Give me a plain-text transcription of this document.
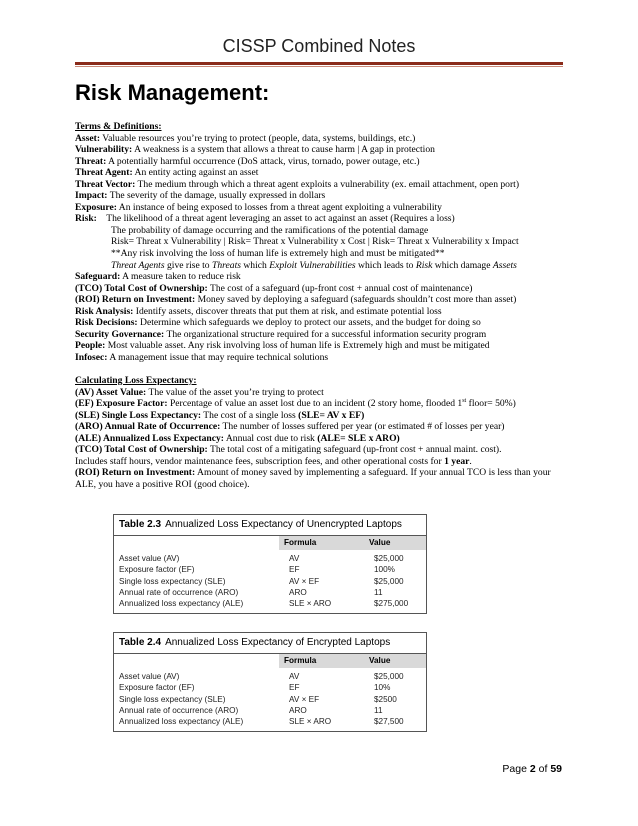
CISSP Combined Notes
Risk Management:

Terms & Definitions:

Asset: Valuable resources you’re trying to protect (people, data, systems, buildings, etc.)

Vulnerability: A weakness is a system that allows a threat to cause harm | A gap in protection

Threat: A potentially harmful occurrence (DoS attack, virus, tornado, power outage, etc.)

Threat Agent: An entity acting against an asset

Threat Vector: The medium through which a threat agent exploits a vulnerability (ex. email attachment, open port)

Impact: The severity of the damage, usually expressed in dollars

Exposure: An instance of being exposed to losses from a threat agent exploiting a vulnerability

Risk:    The likelihood of a threat agent leveraging an asset to act against an asset (Requires a loss)

The probability of damage occurring and the ramifications of the potential damage

Risk= Threat x Vulnerability | Risk= Threat x Vulnerability x Cost | Risk= Threat x Vulnerability x Impact

**Any risk involving the loss of human life is extremely high and must be mitigated**

Threat Agents give rise to Threats which Exploit Vulnerabilities which leads to Risk which damage Assets

Safeguard: A measure taken to reduce risk

(TCO) Total Cost of Ownership: The cost of a safeguard (up-front cost + annual cost of maintenance)

(ROI) Return on Investment: Money saved by deploying a safeguard (safeguards shouldn’t cost more than asset)

Risk Analysis: Identify assets, discover threats that put them at risk, and estimate potential loss

Risk Decisions: Determine which safeguards we deploy to protect our assets, and the budget for doing so

Security Governance: The organizational structure required for a successful information security program

People: Most valuable asset. Any risk involving loss of human life is Extremely high and must be mitigated

Infosec: A management issue that may require technical solutions

Calculating Loss Expectancy:

(AV) Asset Value: The value of the asset you’re trying to protect

(EF) Exposure Factor: Percentage of value an asset lost due to an incident (2 story home, flooded 1st floor= 50%)

(SLE) Single Loss Expectancy: The cost of a single loss (SLE= AV x EF)

(ARO) Annual Rate of Occurrence: The number of losses suffered per year (or estimated # of losses per year)

(ALE) Annualized Loss Expectancy: Annual cost due to risk (ALE= SLE x ARO)

(TCO) Total Cost of Ownership: The total cost of a mitigating safeguard (up-front cost + annual maint. cost).

Includes staff hours, vendor maintenance fees, subscription fees, and other operational costs for 1 year.

(ROI) Return on Investment: Amount of money saved by implementing a safeguard. If your annual TCO is less than your ALE, you have a positive ROI (good choice).

Table 2.3 Annualized Loss Expectancy of Unencrypted Laptops
Formula	Value
Asset value (AV)	AV	$25,000
Exposure factor (EF)	EF	100%
Single loss expectancy (SLE)	AV × EF	$25,000
Annual rate of occurrence (ARO)	ARO	11
Annualized loss expectancy (ALE)	SLE × ARO	$275,000
Table 2.4 Annualized Loss Expectancy of Encrypted Laptops
Formula	Value
Asset value (AV)	AV	$25,000
Exposure factor (EF)	EF	10%
Single loss expectancy (SLE)	AV × EF	$2500
Annual rate of occurrence (ARO)	ARO	11
Annualized loss expectancy (ALE)	SLE × ARO	$27,500
Page 2 of 59
